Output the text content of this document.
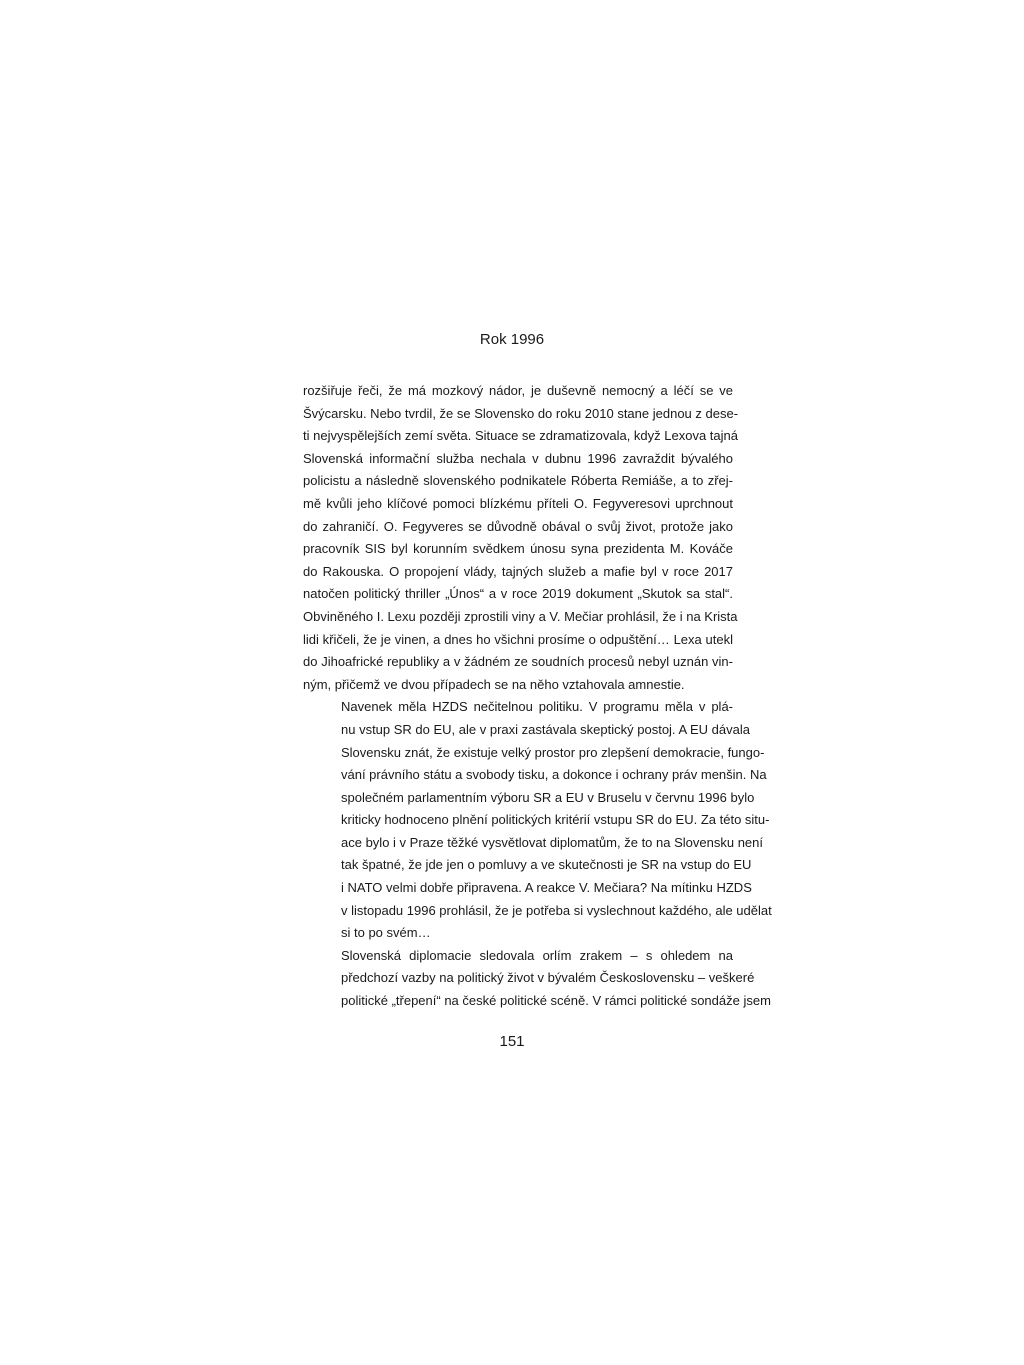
Rok 1996

rozšiřuje řeči, že má mozkový nádor, je duševně nemocný a léčí se ve
Švýcarsku. Nebo tvrdil, že se Slovensko do roku 2010 stane jednou z dese-
ti nejvyspělejších zemí světa. Situace se zdramatizovala, když Lexova tajná
Slovenská informační služba nechala v dubnu 1996 zavraždit bývalého
policistu a následně slovenského podnikatele Róberta Remiáše, a to zřej-
mě kvůli jeho klíčové pomoci blízkému příteli O. Fegyveresovi uprchnout
do zahraničí. O. Fegyveres se důvodně obával o svůj život, protože jako
pracovník SIS byl korunním svědkem únosu syna prezidenta M. Kováče
do Rakouska. O propojení vlády, tajných služeb a mafie byl v roce 2017
natočen politický thriller „Únos“ a v roce 2019 dokument „Skutok sa stal“.
Obviněného I. Lexu později zprostili viny a V. Mečiar prohlásil, že i na Krista
lidi křičeli, že je vinen, a dnes ho všichni prosíme o odpuštění… Lexa utekl
do Jihoafrické republiky a v žádném ze soudních procesů nebyl uznán vin-
ným, přičemž ve dvou případech se na něho vztahovala amnestie.

Navenek měla HZDS nečitelnou politiku. V programu měla v plá-
nu vstup SR do EU, ale v praxi zastávala skeptický postoj. A EU dávala
Slovensku znát, že existuje velký prostor pro zlepšení demokracie, fungo-
vání právního státu a svobody tisku, a dokonce i ochrany práv menšin. Na
společném parlamentním výboru SR a EU v Bruselu v červnu 1996 bylo
kriticky hodnoceno plnění politických kritérií vstupu SR do EU. Za této situ-
ace bylo i v Praze těžké vysvětlovat diplomatům, že to na Slovensku není
tak špatné, že jde jen o pomluvy a ve skutečnosti je SR na vstup do EU
i NATO velmi dobře připravena. A reakce V. Mečiara? Na mítinku HZDS
v listopadu 1996 prohlásil, že je potřeba si vyslechnout každého, ale udělat
si to po svém…

Slovenská diplomacie sledovala orlím zrakem – s ohledem na
předchozí vazby na politický život v bývalém Československu – veškeré
politické „třepení“ na české politické scéně. V rámci politické sondáže jsem

151
